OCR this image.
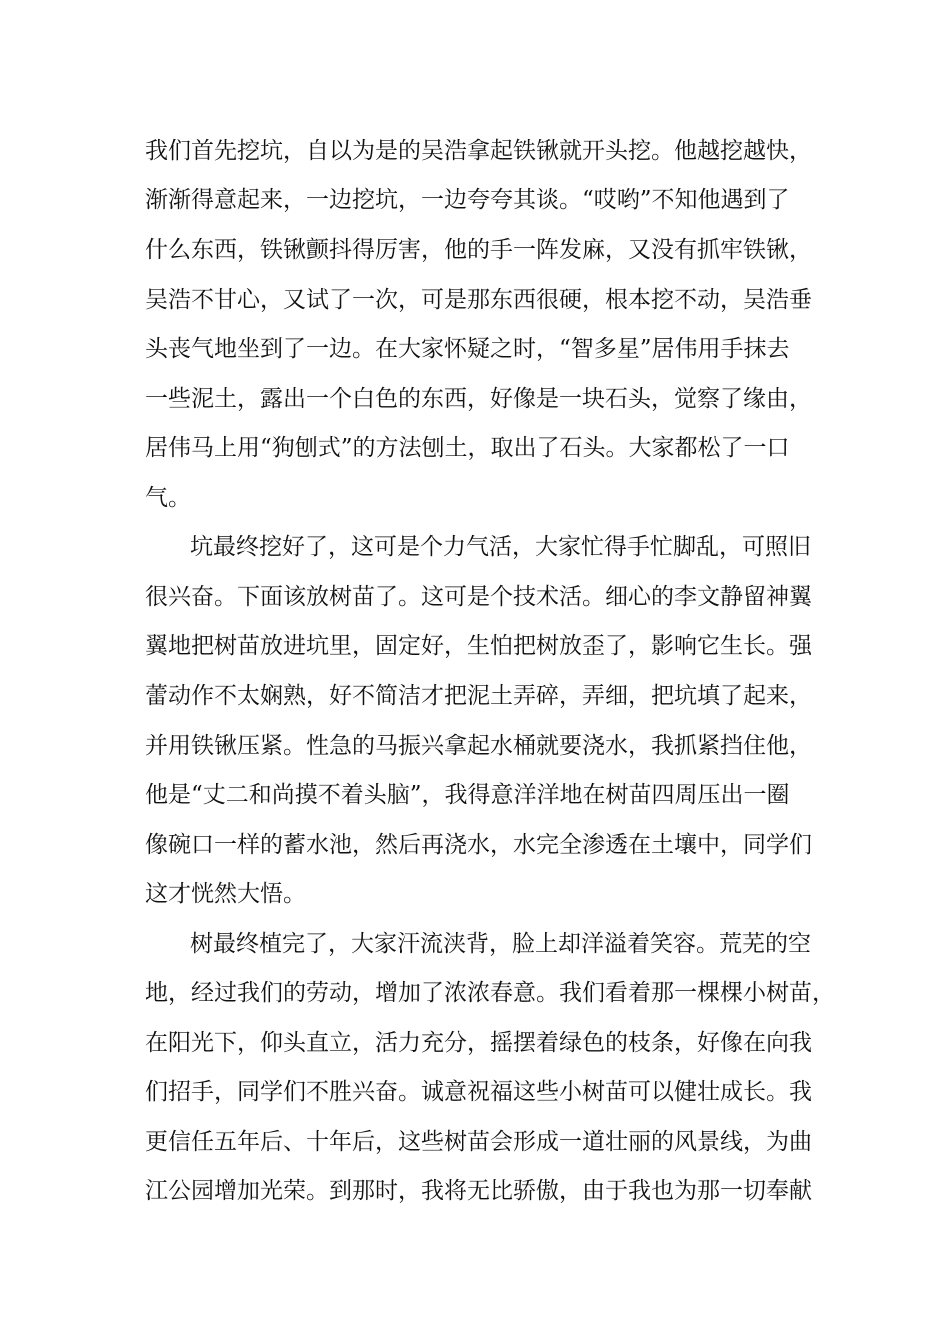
我们首先挖坑，自以为是的吴浩拿起铁锹就开头挖。他越挖越快，
渐渐得意起来，一边挖坑，一边夸夸其谈。“哎哟”不知他遇到了
什么东西，铁锹颤抖得厉害，他的手一阵发麻，又没有抓牢铁锹，
吴浩不甘心，又试了一次，可是那东西很硬，根本挖不动，吴浩垂
头丧气地坐到了一边。在大家怀疑之时，“智多星”居伟用手抹去
一些泥土，露出一个白色的东西，好像是一块石头，觉察了缘由，
居伟马上用“狗刨式”的方法刨土，取出了石头。大家都松了一口
气。
坑最终挖好了，这可是个力气活，大家忙得手忙脚乱，可照旧
很兴奋。下面该放树苗了。这可是个技术活。细心的李文静留神翼
翼地把树苗放进坑里，固定好，生怕把树放歪了，影响它生长。强
蕾动作不太娴熟，好不简洁才把泥土弄碎，弄细，把坑填了起来，
并用铁锹压紧。性急的马振兴拿起水桶就要浇水，我抓紧挡住他，
他是“丈二和尚摸不着头脑”，我得意洋洋地在树苗四周压出一圈
像碗口一样的蓄水池，然后再浇水，水完全渗透在土壤中，同学们
这才恍然大悟。
树最终植完了，大家汗流浃背，脸上却洋溢着笑容。荒芜的空
地，经过我们的劳动，增加了浓浓春意。我们看着那一棵棵小树苗，
在阳光下，仰头直立，活力充分，摇摆着绿色的枝条，好像在向我
们招手，同学们不胜兴奋。诚意祝福这些小树苗可以健壮成长。我
更信任五年后、十年后，这些树苗会形成一道壮丽的风景线，为曲
江公园增加光荣。到那时，我将无比骄傲，由于我也为那一切奉献
